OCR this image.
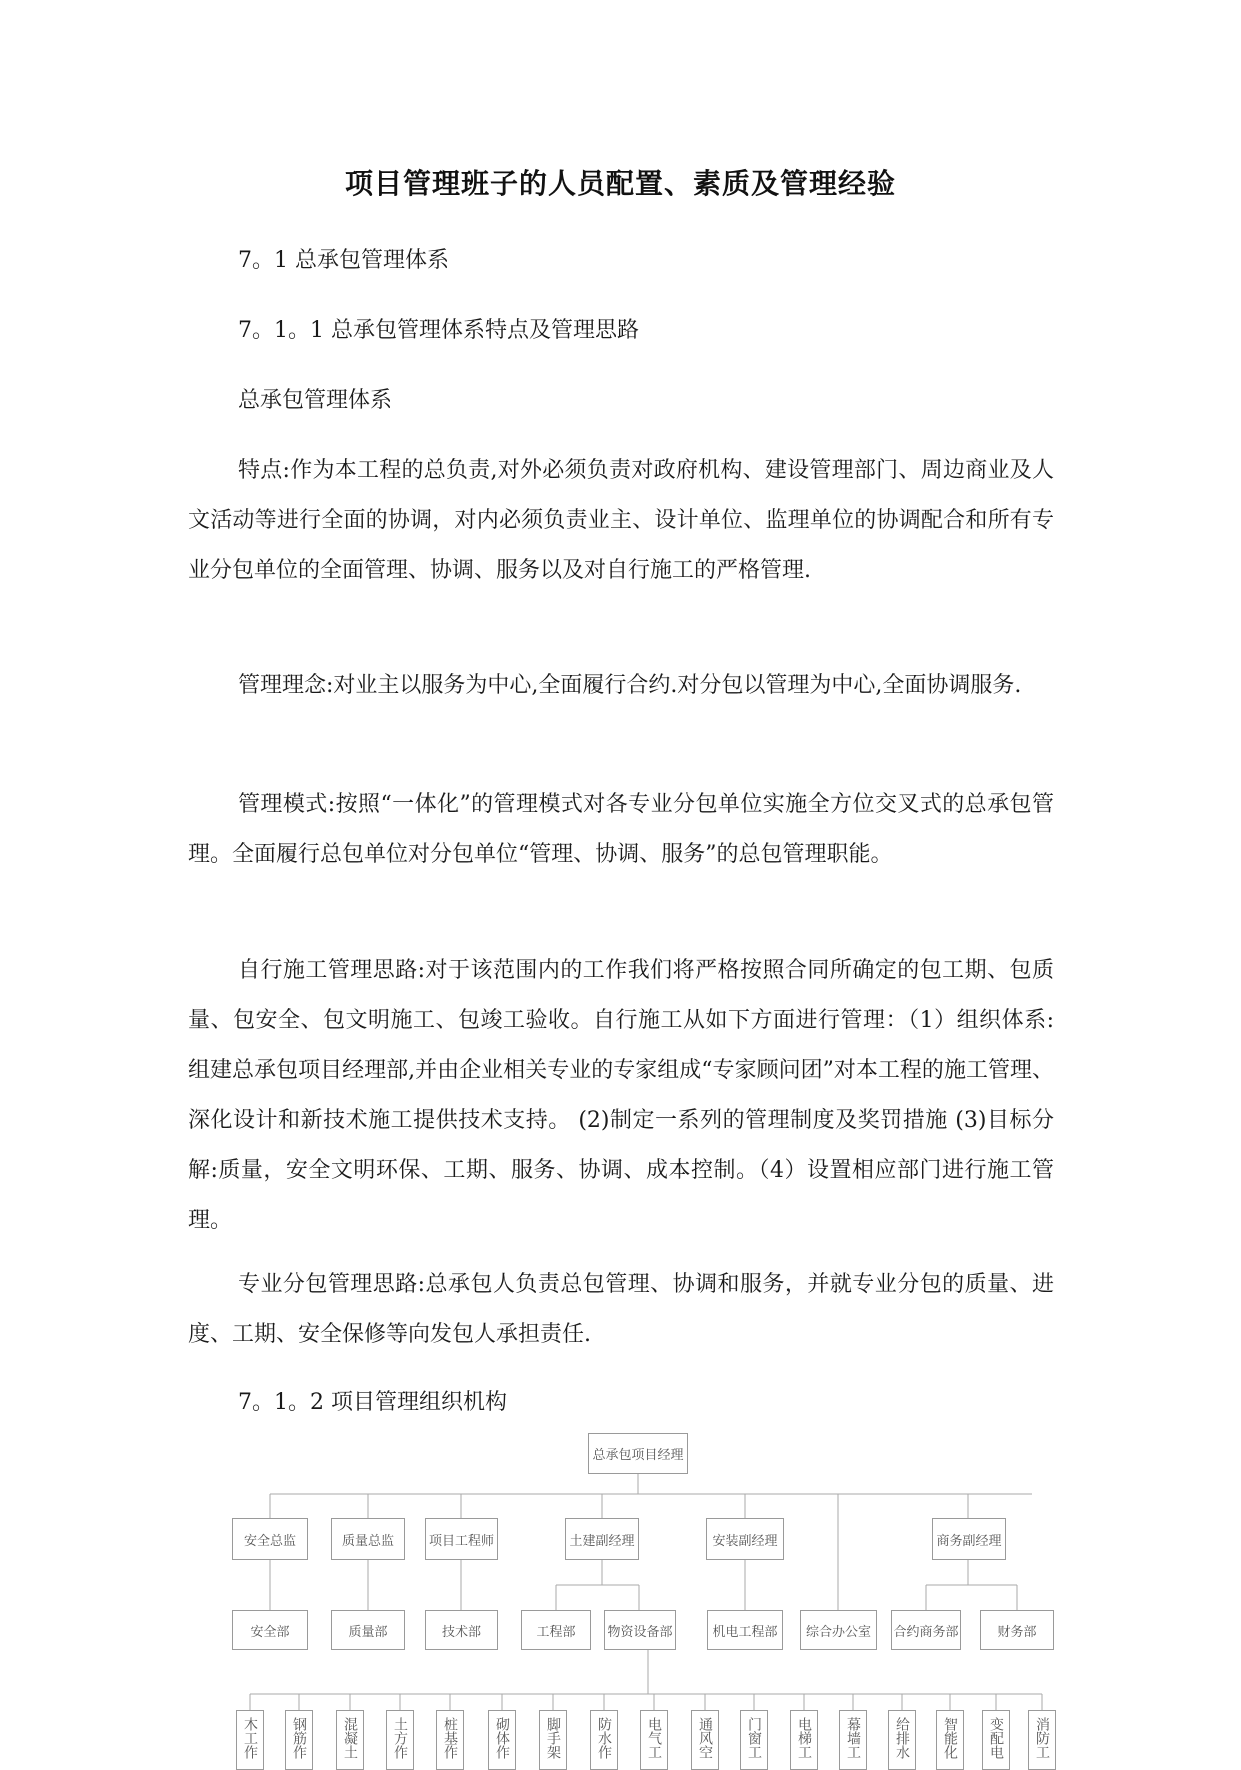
项目管理班子的人员配置、素质及管理经验
7。1 总承包管理体系
7。1。1 总承包管理体系特点及管理思路
总承包管理体系
特点:作为本工程的总负责,对外必须负责对政府机构、建设管理部门、周边商业及人文活动等进行全面的协调，对内必须负责业主、设计单位、监理单位的协调配合和所有专业分包单位的全面管理、协调、服务以及对自行施工的严格管理.
管理理念:对业主以服务为中心,全面履行合约.对分包以管理为中心,全面协调服务.
管理模式:按照“一体化”的管理模式对各专业分包单位实施全方位交叉式的总承包管理。全面履行总包单位对分包单位“管理、协调、服务”的总包管理职能。
自行施工管理思路:对于该范围内的工作我们将严格按照合同所确定的包工期、包质量、包安全、包文明施工、包竣工验收。自行施工从如下方面进行管理：（1）组织体系:组建总承包项目经理部,并由企业相关专业的专家组成“专家顾问团”对本工程的施工管理、深化设计和新技术施工提供技术支持。 (2)制定一系列的管理制度及奖罚措施 (3)目标分解:质量，安全文明环保、工期、服务、协调、成本控制。（4）设置相应部门进行施工管理。
专业分包管理思路:总承包人负责总包管理、协调和服务，并就专业分包的质量、进度、工期、安全保修等向发包人承担责任.
7。1。2 项目管理组织机构
总承包项目经理
安全总监	质量总监	项目工程师	土建副经理	安装副经理	商务副经理
安全部	质量部	技术部	工程部	物资设备部	机电工程部	综合办公室	合约商务部	财务部
木工作	钢筋作	混凝土	土方作	桩基作	砌体作	脚手架	防水作	电气工	通风空	门窗工	电梯工	幕墙工	给排水	智能化	变配电	消防工
